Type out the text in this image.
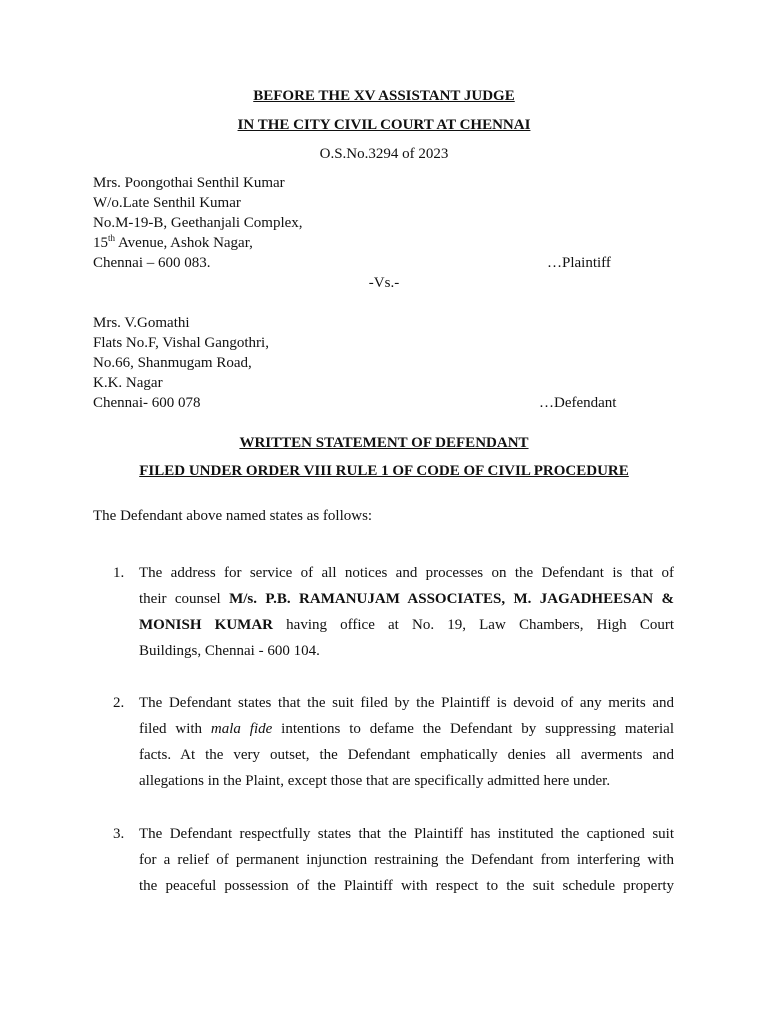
BEFORE THE XV ASSISTANT JUDGE
IN THE CITY CIVIL COURT AT CHENNAI
O.S.No.3294 of 2023
Mrs. Poongothai Senthil Kumar
W/o.Late Senthil Kumar
No.M-19-B, Geethanjali Complex,
15th Avenue, Ashok Nagar,
Chennai – 600 083.	…Plaintiff
-Vs.-
Mrs. V.Gomathi
Flats No.F, Vishal Gangothri,
No.66, Shanmugam Road,
K.K. Nagar
Chennai- 600 078	…Defendant
WRITTEN STATEMENT OF DEFENDANT
FILED UNDER ORDER VIII RULE 1 OF CODE OF CIVIL PROCEDURE
The Defendant above named states as follows:
1. The address for service of all notices and processes on the Defendant is that of
their counsel M/s. P.B. RAMANUJAM ASSOCIATES, M. JAGADHEESAN &
MONISH KUMAR having office at No. 19, Law Chambers, High Court
Buildings, Chennai - 600 104.
2. The Defendant states that the suit filed by the Plaintiff is devoid of any merits and
filed with mala fide intentions to defame the Defendant by suppressing material
facts. At the very outset, the Defendant emphatically denies all averments and
allegations in the Plaint, except those that are specifically admitted here under.
3. The Defendant respectfully states that the Plaintiff has instituted the captioned suit
for a relief of permanent injunction restraining the Defendant from interfering with
the peaceful possession of the Plaintiff with respect to the suit schedule property
